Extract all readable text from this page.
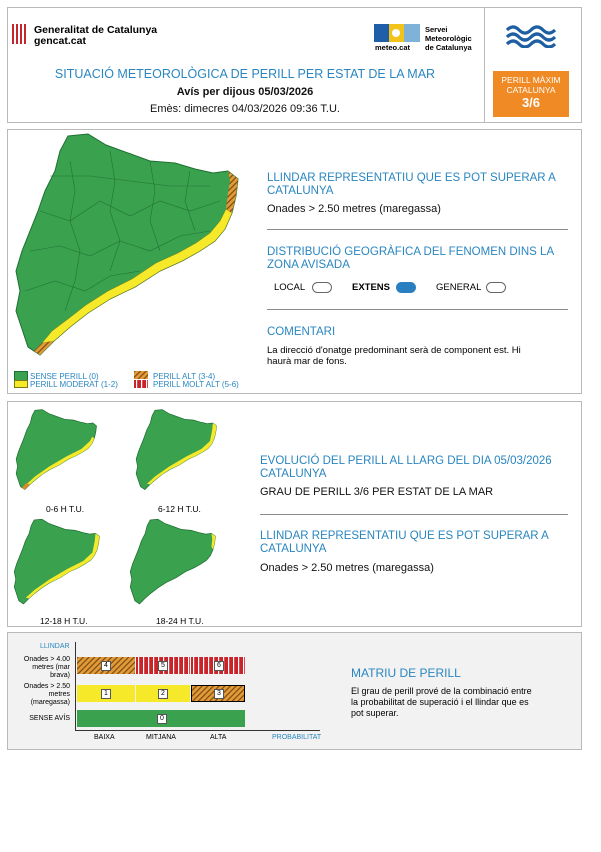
Generalitat de Catalunya
gencat.cat
meteo.cat
Servei
Meteorològic
de Catalunya
SITUACIÓ METEOROLÒGICA DE PERILL PER ESTAT DE LA MAR
Avís per dijous 05/03/2026
Emès: dimecres 04/03/2026 09:36 T.U.
PERILL MÀXIM
CATALUNYA
3/6
SENSE PERILL (0)
PERILL MODERAT (1-2)
PERILL ALT (3-4)
PERILL MOLT ALT (5-6)
LLINDAR REPRESENTATIU QUE ES POT SUPERAR A
CATALUNYA
Onades > 2.50 metres (maregassa)
DISTRIBUCIÓ GEOGRÀFICA DEL FENOMEN DINS LA
ZONA AVISADA
LOCAL	EXTENS	GENERAL
COMENTARI
La direcció d'onatge predominant serà de component est. Hi
haurà mar de fons.
0-6 H T.U.	6-12 H T.U.
12-18 H T.U.	18-24 H T.U.
EVOLUCIÓ DEL PERILL AL LLARG DEL DIA 05/03/2026
CATALUNYA
GRAU DE PERILL 3/6 PER ESTAT DE LA MAR
LLINDAR REPRESENTATIU QUE ES POT SUPERAR A
CATALUNYA
Onades > 2.50 metres (maregassa)
LLINDAR
Onades > 4.00
metres (mar
brava)
Onades > 2.50
metres
(maregassa)
SENSE AVÍS
4	5	6
1	2	3
0
BAIXA	MITJANA	ALTA	PROBABILITAT
MATRIU DE PERILL
El grau de perill prové de la combinació entre
la probabilitat de superació i el llindar que es
pot superar.
